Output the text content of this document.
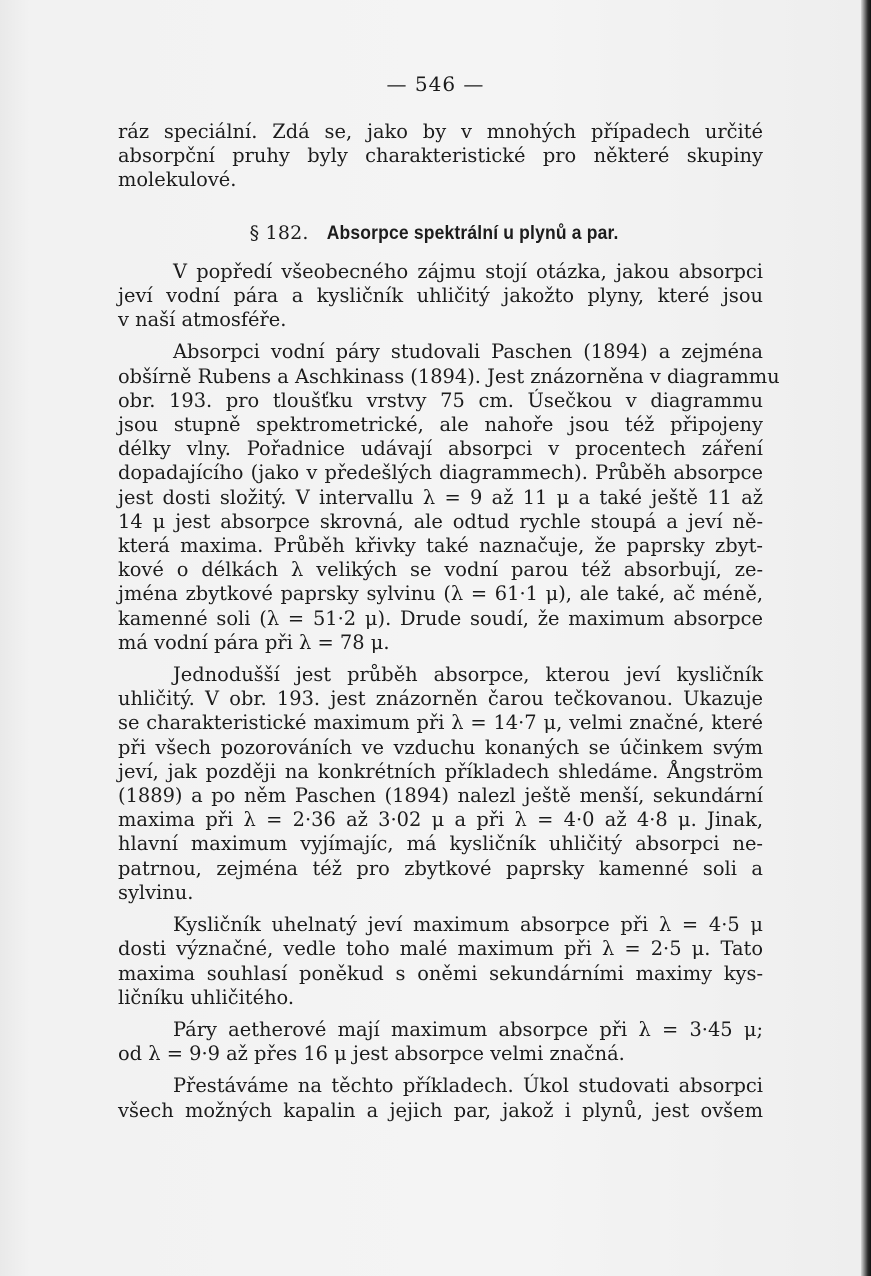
— 546 —
ráz speciální. Zdá se, jako by v mnohých případech určité
absorpční pruhy byly charakteristické pro některé skupiny
molekulové.
§ 182. Absorpce spektrální u plynů a par.
V popředí všeobecného zájmu stojí otázka, jakou absorpci
jeví vodní pára a kysličník uhličitý jakožto plyny, které jsou
v naší atmosféře.
Absorpci vodní páry studovali Paschen (1894) a zejména
obšírně Rubens a Aschkinass (1894). Jest znázorněna v diagrammu
obr. 193. pro tloušťku vrstvy 75 cm. Úsečkou v diagrammu
jsou stupně spektrometrické, ale nahoře jsou též připojeny
délky vlny. Pořadnice udávají absorpci v procentech záření
dopadajícího (jako v předešlých diagrammech). Průběh absorpce
jest dosti složitý. V intervallu λ = 9 až 11 μ a také ještě 11 až
14 μ jest absorpce skrovná, ale odtud rychle stoupá a jeví ně-
která maxima. Průběh křivky také naznačuje, že paprsky zbyt-
kové o délkách λ velikých se vodní parou též absorbují, ze-
jména zbytkové paprsky sylvinu (λ = 61·1 μ), ale také, ač méně,
kamenné soli (λ = 51·2 μ). Drude soudí, že maximum absorpce
má vodní pára při λ = 78 μ.
Jednodušší jest průběh absorpce, kterou jeví kysličník
uhličitý. V obr. 193. jest znázorněn čarou tečkovanou. Ukazuje
se charakteristické maximum při λ = 14·7 μ, velmi značné, které
při všech pozorováních ve vzduchu konaných se účinkem svým
jeví, jak později na konkrétních příkladech shledáme. Ångström
(1889) a po něm Paschen (1894) nalezl ještě menší, sekundární
maxima při λ = 2·36 až 3·02 μ a při λ = 4·0 až 4·8 μ. Jinak,
hlavní maximum vyjímajíc, má kysličník uhličitý absorpci ne-
patrnou, zejména též pro zbytkové paprsky kamenné soli a
sylvinu.
Kysličník uhelnatý jeví maximum absorpce při λ = 4·5 μ
dosti význačné, vedle toho malé maximum při λ = 2·5 μ. Tato
maxima souhlasí poněkud s oněmi sekundárními maximy kys-
ličníku uhličitého.
Páry aetherové mají maximum absorpce při λ = 3·45 μ;
od λ = 9·9 až přes 16 μ jest absorpce velmi značná.
Přestáváme na těchto příkladech. Úkol studovati absorpci
všech možných kapalin a jejich par, jakož i plynů, jest ovšem
